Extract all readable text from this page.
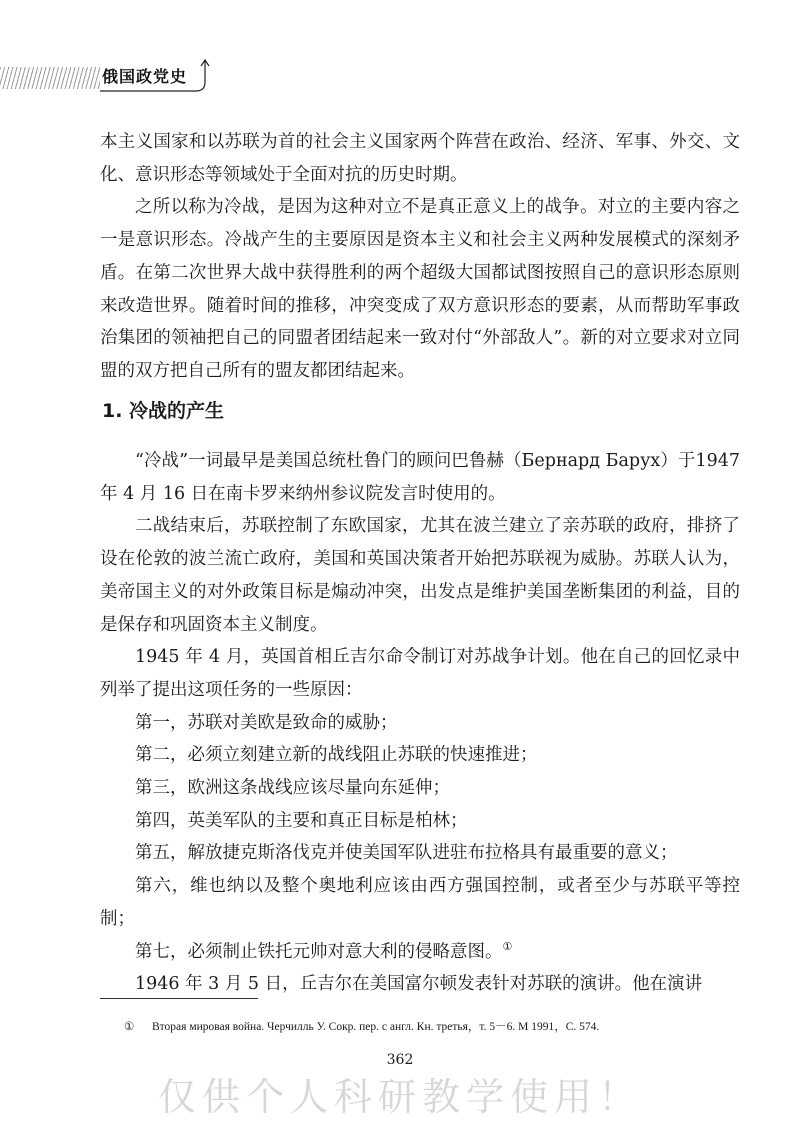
俄国政党史

本主义国家和以苏联为首的社会主义国家两个阵营在政治、经济、军事、外交、文化、意识形态等领域处于全面对抗的历史时期。

之所以称为冷战，是因为这种对立不是真正意义上的战争。对立的主要内容之一是意识形态。冷战产生的主要原因是资本主义和社会主义两种发展模式的深刻矛盾。在第二次世界大战中获得胜利的两个超级大国都试图按照自己的意识形态原则来改造世界。随着时间的推移，冲突变成了双方意识形态的要素，从而帮助军事政治集团的领袖把自己的同盟者团结起来一致对付“外部敌人”。新的对立要求对立同盟的双方把自己所有的盟友都团结起来。

1. 冷战的产生

“冷战”一词最早是美国总统杜鲁门的顾问巴鲁赫（Бернард Барух）于1947 年 4 月 16 日在南卡罗来纳州参议院发言时使用的。

二战结束后，苏联控制了东欧国家，尤其在波兰建立了亲苏联的政府，排挤了设在伦敦的波兰流亡政府，美国和英国决策者开始把苏联视为威胁。苏联人认为，美帝国主义的对外政策目标是煽动冲突，出发点是维护美国垄断集团的利益，目的是保存和巩固资本主义制度。

1945 年 4 月，英国首相丘吉尔命令制订对苏战争计划。他在自己的回忆录中列举了提出这项任务的一些原因：

第一，苏联对美欧是致命的威胁；

第二，必须立刻建立新的战线阻止苏联的快速推进；

第三，欧洲这条战线应该尽量向东延伸；

第四，英美军队的主要和真正目标是柏林；

第五，解放捷克斯洛伐克并使美国军队进驻布拉格具有最重要的意义；

第六，维也纳以及整个奥地利应该由西方强国控制，或者至少与苏联平等控制；

第七，必须制止铁托元帅对意大利的侵略意图。①

1946 年 3 月 5 日，丘吉尔在美国富尔顿发表针对苏联的演讲。他在演讲

① Вторая мировая война. Черчилль У. Сокр. пер. с англ. Кн. третья，т. 5－6. М 1991，С. 574.
362
仅供个人科研教学使用！
